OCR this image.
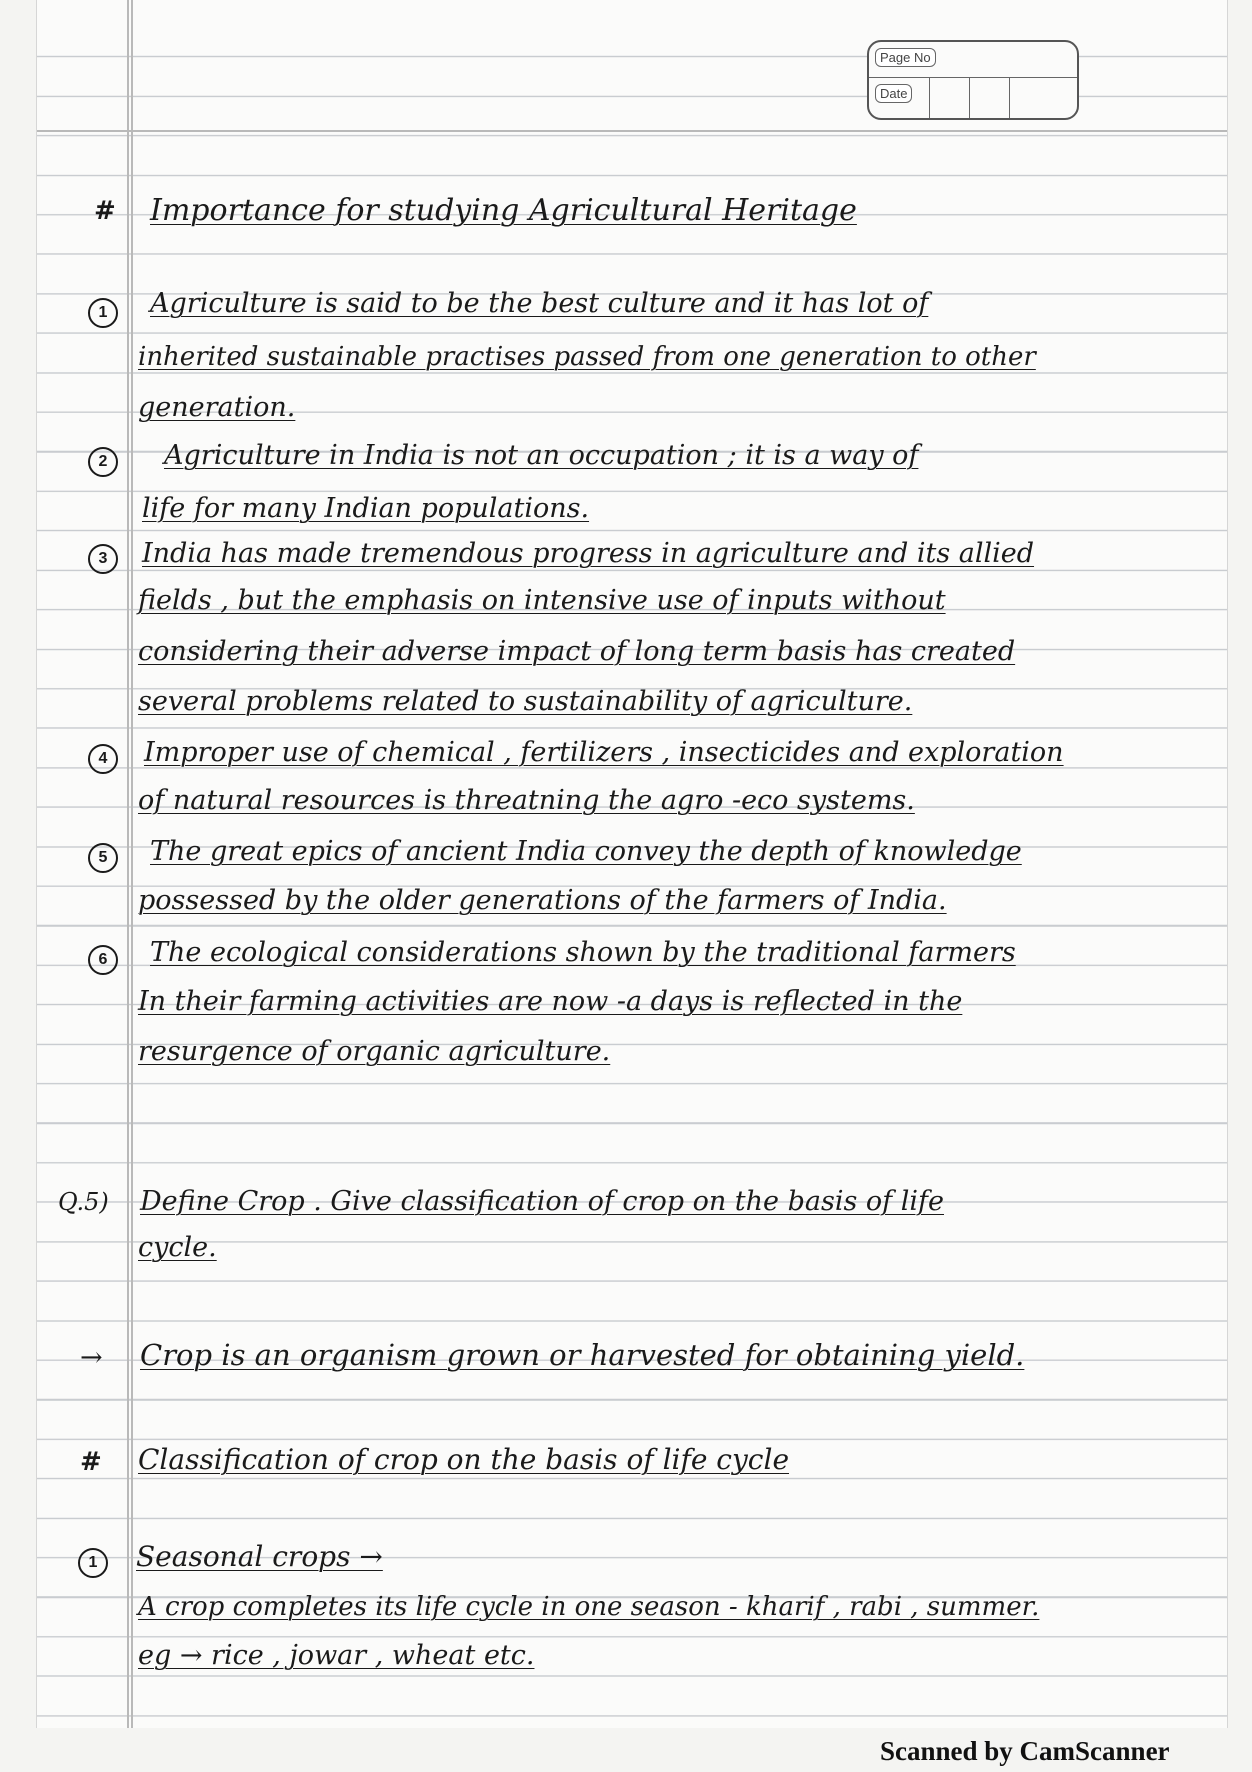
Page No
Date
# Importance for studying Agricultural Heritage
1	Agriculture is said to be the best culture and it has lot of
inherited sustainable practises passed from one generation to other
generation.
2	Agriculture in India is not an occupation ; it is a way of
life for many Indian populations.
3	India has made tremendous progress in agriculture and its allied
fields , but the emphasis on intensive use of inputs without
considering their adverse impact of long term basis has created
several problems related to sustainability of agriculture.
4	Improper use of chemical , fertilizers , insecticides and exploration
of natural resources is threatning the agro -eco systems.
5	The great epics of ancient India convey the depth of knowledge
possessed by the older generations of the farmers of India.
6	The ecological considerations shown by the traditional farmers
In their farming activities are now -a days is reflected in the
resurgence of organic agriculture.
Q.5) Define Crop . Give classification of crop on the basis of life
cycle.
→ Crop is an organism grown or harvested for obtaining yield.
# Classification of crop on the basis of life cycle
1	Seasonal crops →
A crop completes its life cycle in one season - kharif , rabi , summer.
eg → rice , jowar , wheat etc.
Scanned by CamScanner
